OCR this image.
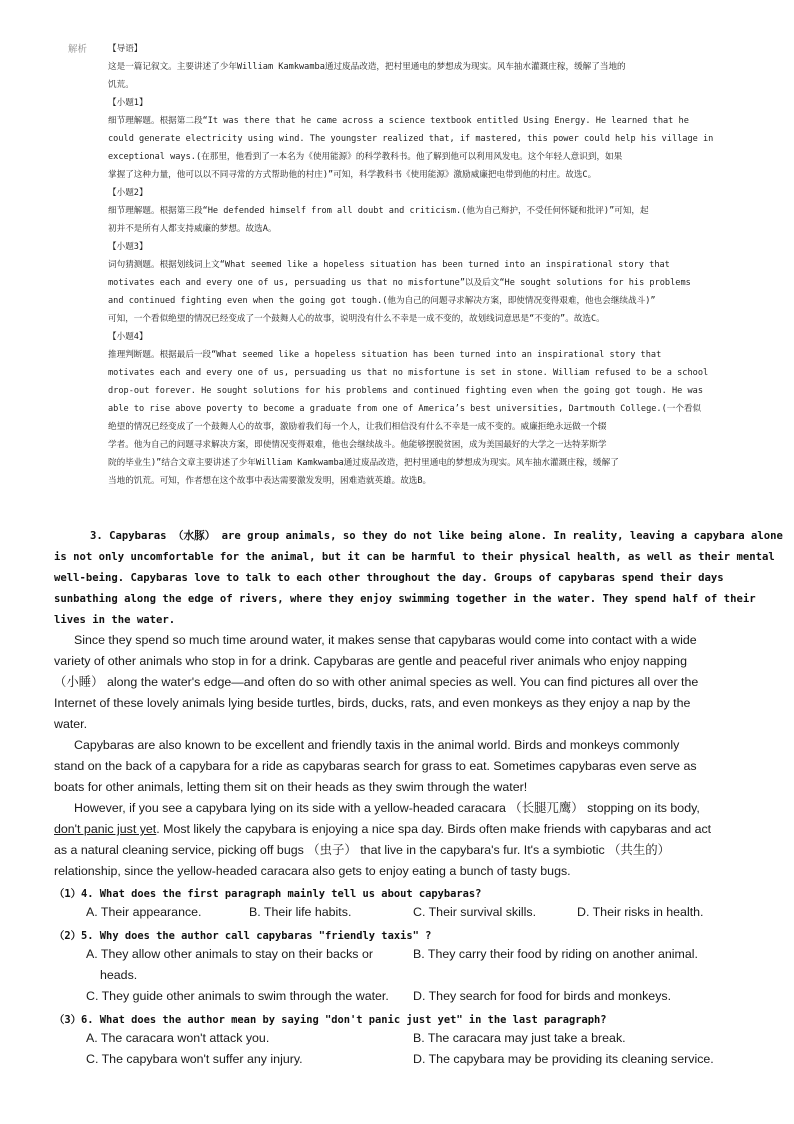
解析 【导语】
这是一篇记叙文。主要讲述了少年William Kamkwamba通过废品改造，把村里通电的梦想成为现实。风车抽水灌溉庄稼，缓解了当地的
饥荒。
【小题1】
细节理解题。根据第二段“It was there that he came across a science textbook entitled Using Energy. He learned that he
could generate electricity using wind. The youngster realized that, if mastered, this power could help his village in
exceptional ways.(在那里，他看到了一本名为《使用能源》的科学教科书。他了解到他可以利用风发电。这个年轻人意识到，如果
掌握了这种力量，他可以以不同寻常的方式帮助他的村庄)”可知，科学教科书《使用能源》激励威廉把电带到他的村庄。故选C。
【小题2】
细节理解题。根据第三段“He defended himself from all doubt and criticism.(他为自己辩护，不受任何怀疑和批评)”可知，起
初并不是所有人都支持威廉的梦想。故选A。
【小题3】
词句猜测题。根据划线词上文“What seemed like a hopeless situation has been turned into an inspirational story that
motivates each and every one of us, persuading us that no misfortune”以及后文“He sought solutions for his problems
and continued fighting even when the going got tough.(他为自己的问题寻求解决方案，即使情况变得艰难，他也会继续战斗)”
可知，一个看似绝望的情况已经变成了一个鼓舞人心的故事，说明没有什么不幸是一成不变的，故划线词意思是“不变的”。故选C。
【小题4】
推理判断题。根据最后一段“What seemed like a hopeless situation has been turned into an inspirational story that
motivates each and every one of us, persuading us that no misfortune is set in stone. William refused to be a school
drop-out forever. He sought solutions for his problems and continued fighting even when the going got tough. He was
able to rise above poverty to become a graduate from one of America’s best universities, Dartmouth College.(一个看似
绝望的情况已经变成了一个鼓舞人心的故事，激励着我们每一个人，让我们相信没有什么不幸是一成不变的。威廉拒绝永远做一个辍
学者。他为自己的问题寻求解决方案，即使情况变得艰难，他也会继续战斗。他能够摆脱贫困，成为美国最好的大学之一达特茅斯学
院的毕业生)”结合文章主要讲述了少年William Kamkwamba通过废品改造，把村里通电的梦想成为现实。风车抽水灌溉庄稼，缓解了
当地的饥荒。可知，作者想在这个故事中表达需要激发发明，困难造就英雄。故选B。
3. Capybaras （水豚） are group animals, so they do not like being alone. In reality, leaving a capybara alone
is not only uncomfortable for the animal, but it can be harmful to their physical health, as well as their mental
well-being. Capybaras love to talk to each other throughout the day. Groups of capybaras spend their days
sunbathing along the edge of rivers, where they enjoy swimming together in the water. They spend half of their
lives in the water.
Since they spend so much time around water, it makes sense that capybaras would come into contact with a wide
variety of other animals who stop in for a drink. Capybaras are gentle and peaceful river animals who enjoy napping
（小睡） along the water's edge—and often do so with other animal species as well. You can find pictures all over the
Internet of these lovely animals lying beside turtles, birds, ducks, rats, and even monkeys as they enjoy a nap by the
water.
Capybaras are also known to be excellent and friendly taxis in the animal world. Birds and monkeys commonly
stand on the back of a capybara for a ride as capybaras search for grass to eat. Sometimes capybaras even serve as
boats for other animals, letting them sit on their heads as they swim through the water!
However, if you see a capybara lying on its side with a yellow-headed caracara （长腿兀鹰） stopping on its body,
don't panic just yet. Most likely the capybara is enjoying a nice spa day. Birds often make friends with capybaras and act
as a natural cleaning service, picking off bugs （虫子） that live in the capybara's fur. It's a symbiotic （共生的）
relationship, since the yellow-headed caracara also gets to enjoy eating a bunch of tasty bugs.
（1）4. What does the first paragraph mainly tell us about capybaras?
A. Their appearance.	B. Their life habits.	C. Their survival skills.	D. Their risks in health.
（2）5. Why does the author call capybaras "friendly taxis" ?
A. They allow other animals to stay on their backs or
heads.
B. They carry their food by riding on another animal.
C. They guide other animals to swim through the water. D. They search for food for birds and monkeys.
（3）6. What does the author mean by saying "don't panic just yet" in the last paragraph?
A. The caracara won't attack you.	B. The caracara may just take a break.
C. The capybara won't suffer any injury.	D. The capybara may be providing its cleaning service.
